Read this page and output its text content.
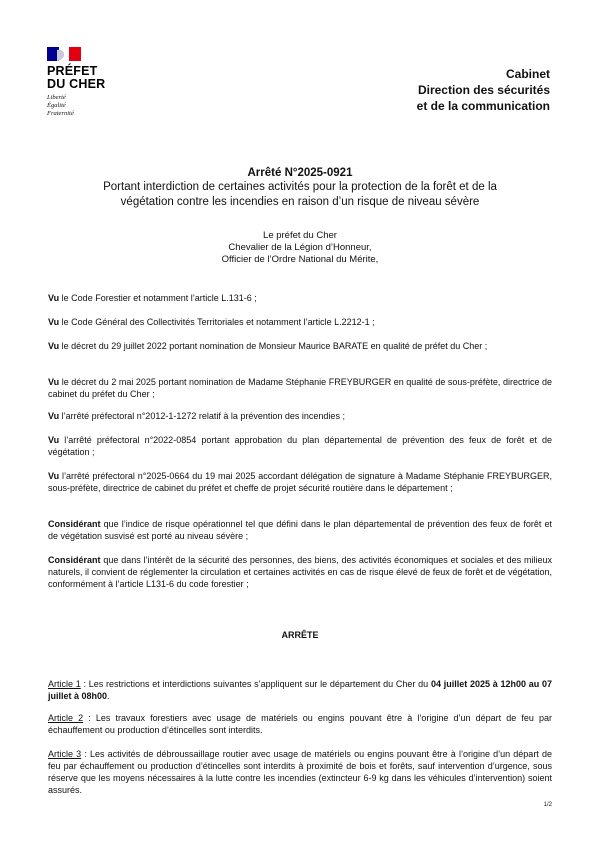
PRÉFET
DU CHER
Liberté
Égalité
Fraternité
Cabinet
Direction des sécurités
et de la communication
Arrêté N°2025-0921
Portant interdiction de certaines activités pour la protection de la forêt et de la
végétation contre les incendies en raison d’un risque de niveau sévère
Le préfet du Cher
Chevalier de la Légion d’Honneur,
Officier de l’Ordre National du Mérite,
Vu le Code Forestier et notamment l’article L.131-6 ;
Vu le Code Général des Collectivités Territoriales et notamment l’article L.2212-1 ;
Vu le décret du 29 juillet 2022 portant nomination de Monsieur Maurice BARATE en qualité de préfet du Cher ;
Vu le décret du 2 mai 2025 portant nomination de Madame Stéphanie FREYBURGER en qualité de sous-préfète, directrice de cabinet du préfet du Cher ;
Vu l’arrêté préfectoral n°2012-1-1272 relatif à la prévention des incendies ;
Vu l’arrêté préfectoral n°2022-0854 portant approbation du plan départemental de prévention des feux de forêt et de végétation ;
Vu l’arrêté préfectoral n°2025-0664 du 19 mai 2025 accordant délégation de signature à Madame Stéphanie FREYBURGER, sous-préfète, directrice de cabinet du préfet et cheffe de projet sécurité routière dans le département ;
Considérant que l’indice de risque opérationnel tel que défini dans le plan départemental de prévention des feux de forêt et de végétation susvisé est porté au niveau sévère ;
Considérant que dans l’intérêt de la sécurité des personnes, des biens, des activités économiques et sociales et des milieux naturels, il convient de réglementer la circulation et certaines activités en cas de risque élevé de feux de forêt et de végétation, conformément à l’article L131-6 du code forestier ;
ARRÊTE
Article 1 : Les restrictions et interdictions suivantes s’appliquent sur le département du Cher du 04 juillet 2025 à 12h00 au 07 juillet à 08h00.
Article 2 : Les travaux forestiers avec usage de matériels ou engins pouvant être à l’origine d’un départ de feu par échauffement ou production d’étincelles sont interdits.
Article 3 : Les activités de débroussaillage routier avec usage de matériels ou engins pouvant être à l’origine d’un départ de feu par échauffement ou production d’étincelles sont interdits à proximité de bois et forêts, sauf intervention d’urgence, sous réserve que les moyens nécessaires à la lutte contre les incendies (extincteur 6-9 kg dans les véhicules d’intervention) soient assurés.
1/2
